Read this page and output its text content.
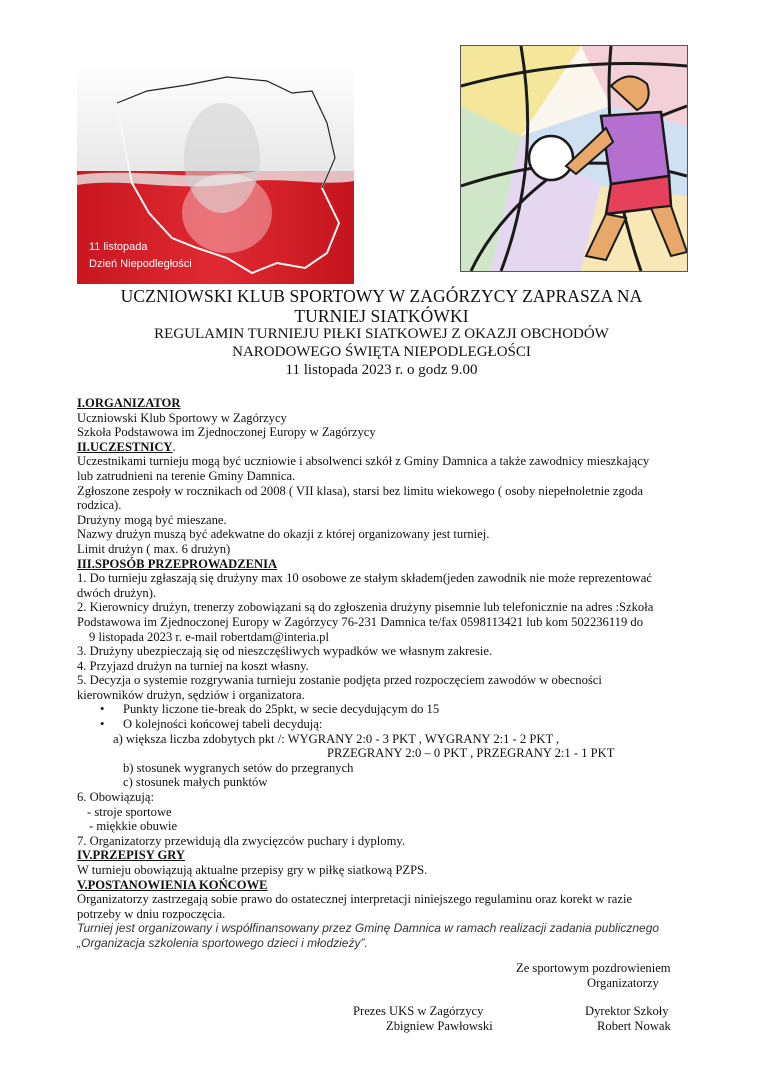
11 listopada
Dzień Niepodległości
UCZNIOWSKI KLUB SPORTOWY W ZAGÓRZYCY ZAPRASZA NA
TURNIEJ SIATKÓWKI
REGULAMIN TURNIEJU PIŁKI SIATKOWEJ Z OKAZJI OBCHODÓW
NARODOWEGO ŚWIĘTA NIEPODLEGŁOŚCI
11 listopada 2023 r. o godz 9.00
I.ORGANIZATOR
Uczniowski Klub Sportowy w Zagórzycy
Szkoła Podstawowa im Zjednoczonej Europy w Zagórzycy
II.UCZESTNICY.
Uczestnikami turnieju mogą być uczniowie i absolwenci szkół z Gminy Damnica a także zawodnicy mieszkający
lub zatrudnieni na terenie Gminy Damnica.
Zgłoszone zespoły w rocznikach od 2008 ( VII klasa), starsi bez limitu wiekowego ( osoby niepełnoletnie zgoda
rodzica).
Drużyny mogą być mieszane.
Nazwy drużyn muszą być adekwatne do okazji z której organizowany jest turniej.
Limit drużyn ( max. 6 drużyn)
III.SPOSÓB PRZEPROWADZENIA
1. Do turnieju zgłaszają się drużyny max 10 osobowe ze stałym składem(jeden zawodnik nie może reprezentować
dwóch drużyn).
2. Kierownicy drużyn, trenerzy zobowiązani są do zgłoszenia drużyny pisemnie lub telefonicznie na adres :Szkoła
Podstawowa im Zjednoczonej Europy w Zagórzycy 76-231 Damnica te/fax 0598113421 lub kom 502236119 do
9 listopada 2023 r. e-mail robertdam@interia.pl
3. Drużyny ubezpieczają się od nieszczęśliwych wypadków we własnym zakresie.
4. Przyjazd drużyn na turniej na koszt własny.
5. Decyzja o systemie rozgrywania turnieju zostanie podjęta przed rozpoczęciem zawodów w obecności
kierowników drużyn, sędziów i organizatora.
• Punkty liczone tie-break do 25pkt, w secie decydującym do 15
• O kolejności końcowej tabeli decydują:
a) większa liczba zdobytych pkt /: WYGRANY 2:0 - 3 PKT , WYGRANY 2:1 - 2 PKT ,
PRZEGRANY 2:0 – 0 PKT , PRZEGRANY 2:1 - 1 PKT
b) stosunek wygranych setów do przegranych
c) stosunek małych punktów
6. Obowiązują:
- stroje sportowe
- miękkie obuwie
7. Organizatorzy przewidują dla zwycięzców puchary i dyplomy.
IV.PRZEPISY GRY
W turnieju obowiązują aktualne przepisy gry w piłkę siatkową PZPS.
V.POSTANOWIENIA KOŃCOWE
Organizatorzy zastrzegają sobie prawo do ostatecznej interpretacji niniejszego regulaminu oraz korekt w razie
potrzeby w dniu rozpoczęcia.
Turniej jest organizowany i współfinansowany przez Gminę Damnica w ramach realizacji zadania publicznego
„Organizacja szkolenia sportowego dzieci i młodzieży”.
Ze sportowym pozdrowieniem
Organizatorzy
Prezes UKS w Zagórzycy
Zbigniew Pawłowski
Dyrektor Szkoły
Robert Nowak
